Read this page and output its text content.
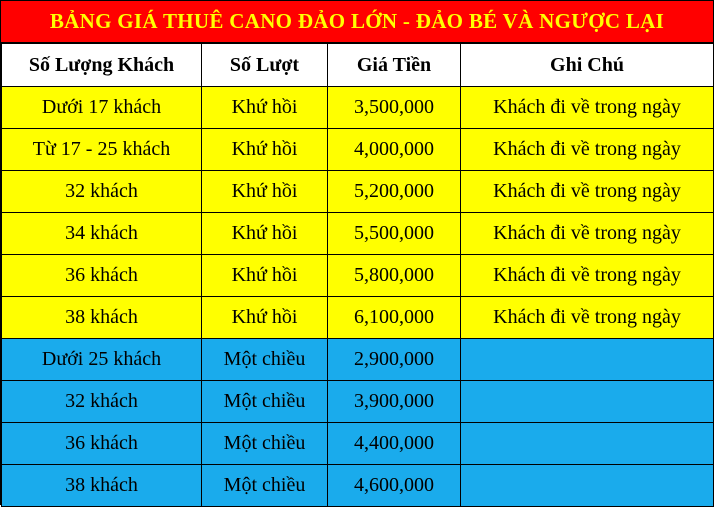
BẢNG GIÁ THUÊ CANO ĐẢO LỚN - ĐẢO BÉ VÀ NGƯỢC LẠI
Số Lượng Khách	Số Lượt	Giá Tiền	Ghi Chú
Dưới 17 khách	Khứ hồi	3,500,000	Khách đi về trong ngày
Từ 17 - 25 khách	Khứ hồi	4,000,000	Khách đi về trong ngày
32 khách	Khứ hồi	5,200,000	Khách đi về trong ngày
34 khách	Khứ hồi	5,500,000	Khách đi về trong ngày
36 khách	Khứ hồi	5,800,000	Khách đi về trong ngày
38 khách	Khứ hồi	6,100,000	Khách đi về trong ngày
Dưới 25 khách	Một chiều	2,900,000	
32 khách	Một chiều	3,900,000	
36 khách	Một chiều	4,400,000	
38 khách	Một chiều	4,600,000	
